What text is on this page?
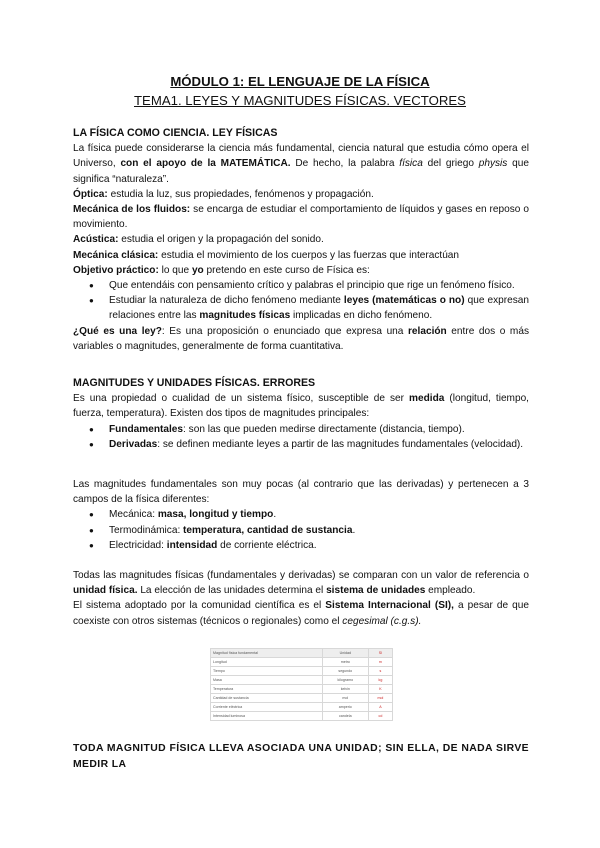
MÓDULO 1: EL LENGUAJE DE LA FÍSICA
TEMA1. LEYES Y MAGNITUDES FÍSICAS. VECTORES

LA FÍSICA COMO CIENCIA. LEY FÍSICAS

La física puede considerarse la ciencia más fundamental, ciencia natural que estudia cómo opera el Universo, con el apoyo de la MATEMÁTICA. De hecho, la palabra física del griego physis que significa “naturaleza”.

Óptica: estudia la luz, sus propiedades, fenómenos y propagación.

Mecánica de los fluidos: se encarga de estudiar el comportamiento de líquidos y gases en reposo o movimiento.

Acústica: estudia el origen y la propagación del sonido.

Mecánica clásica: estudia el movimiento de los cuerpos y las fuerzas que interactúan

Objetivo práctico: lo que yo pretendo en este curso de Física es:

● Que entendáis con pensamiento crítico y palabras el principio que rige un fenómeno físico.
● Estudiar la naturaleza de dicho fenómeno mediante leyes (matemáticas o no) que expresan relaciones entre las magnitudes físicas implicadas en dicho fenómeno.

¿Qué es una ley?: Es una proposición o enunciado que expresa una relación entre dos o más variables o magnitudes, generalmente de forma cuantitativa.

MAGNITUDES Y UNIDADES FÍSICAS. ERRORES

Es una propiedad o cualidad de un sistema físico, susceptible de ser medida (longitud, tiempo, fuerza, temperatura). Existen dos tipos de magnitudes principales:

● Fundamentales: son las que pueden medirse directamente (distancia, tiempo).
● Derivadas: se definen mediante leyes a partir de las magnitudes fundamentales (velocidad).

Las magnitudes fundamentales son muy pocas (al contrario que las derivadas) y pertenecen a 3 campos de la física diferentes:

● Mecánica: masa, longitud y tiempo.
● Termodinámica: temperatura, cantidad de sustancia.
● Electricidad: intensidad de corriente eléctrica.

Todas las magnitudes físicas (fundamentales y derivadas) se comparan con un valor de referencia o unidad física. La elección de las unidades determina el sistema de unidades empleado.

El sistema adoptado por la comunidad científica es el Sistema Internacional (SI), a pesar de que coexiste con otros sistemas (técnicos o regionales) como el cegesimal (c.g.s).

Magnitud física fundamental	Unidad	SI
Longitud	metro	m
Tiempo	segundo	s
Masa	kilogramo	kg
Temperatura	kelvin	K
Cantidad de sustancia	mol	mol
Corriente eléctrica	amperio	A
Intensidad luminosa	candela	cd
TODA MAGNITUD FÍSICA LLEVA ASOCIADA UNA UNIDAD; SIN ELLA, DE NADA SIRVE MEDIR LA
